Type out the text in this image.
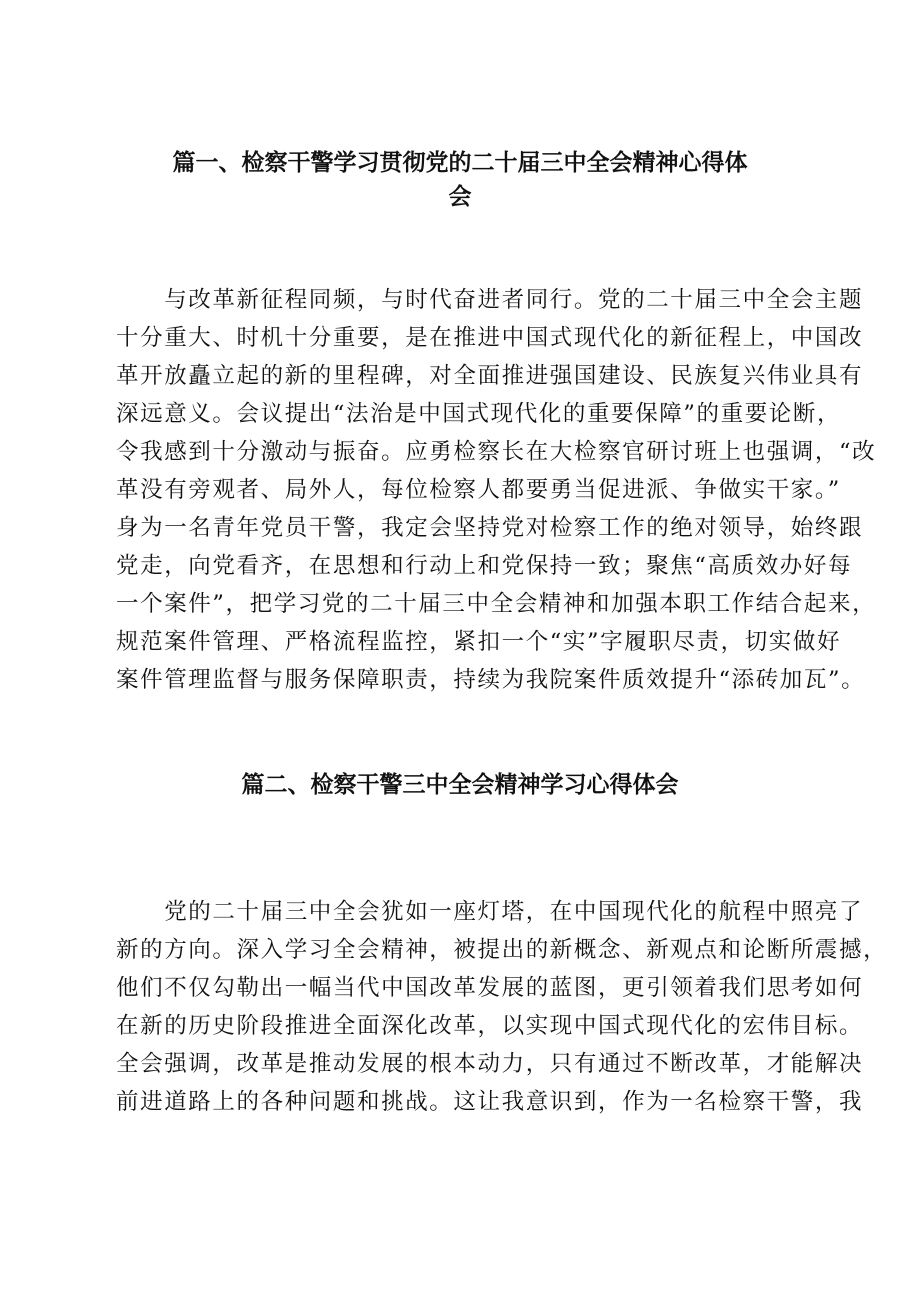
篇一、检察干警学习贯彻党的二十届三中全会精神心得体
会
　　与改革新征程同频，与时代奋进者同行。党的二十届三中全会主题
十分重大、时机十分重要，是在推进中国式现代化的新征程上，中国改
革开放矗立起的新的里程碑，对全面推进强国建设、民族复兴伟业具有
深远意义。会议提出“法治是中国式现代化的重要保障”的重要论断，
令我感到十分激动与振奋。应勇检察长在大检察官研讨班上也强调，“改
革没有旁观者、局外人，每位检察人都要勇当促进派、争做实干家。”
身为一名青年党员干警，我定会坚持党对检察工作的绝对领导，始终跟
党走，向党看齐，在思想和行动上和党保持一致；聚焦“高质效办好每
一个案件”，把学习党的二十届三中全会精神和加强本职工作结合起来，
规范案件管理、严格流程监控，紧扣一个“实”字履职尽责，切实做好
案件管理监督与服务保障职责，持续为我院案件质效提升“添砖加瓦”。
篇二、检察干警三中全会精神学习心得体会
　　党的二十届三中全会犹如一座灯塔，在中国现代化的航程中照亮了
新的方向。深入学习全会精神，被提出的新概念、新观点和论断所震撼，
他们不仅勾勒出一幅当代中国改革发展的蓝图，更引领着我们思考如何
在新的历史阶段推进全面深化改革，以实现中国式现代化的宏伟目标。
全会强调，改革是推动发展的根本动力，只有通过不断改革，才能解决
前进道路上的各种问题和挑战。这让我意识到，作为一名检察干警，我
